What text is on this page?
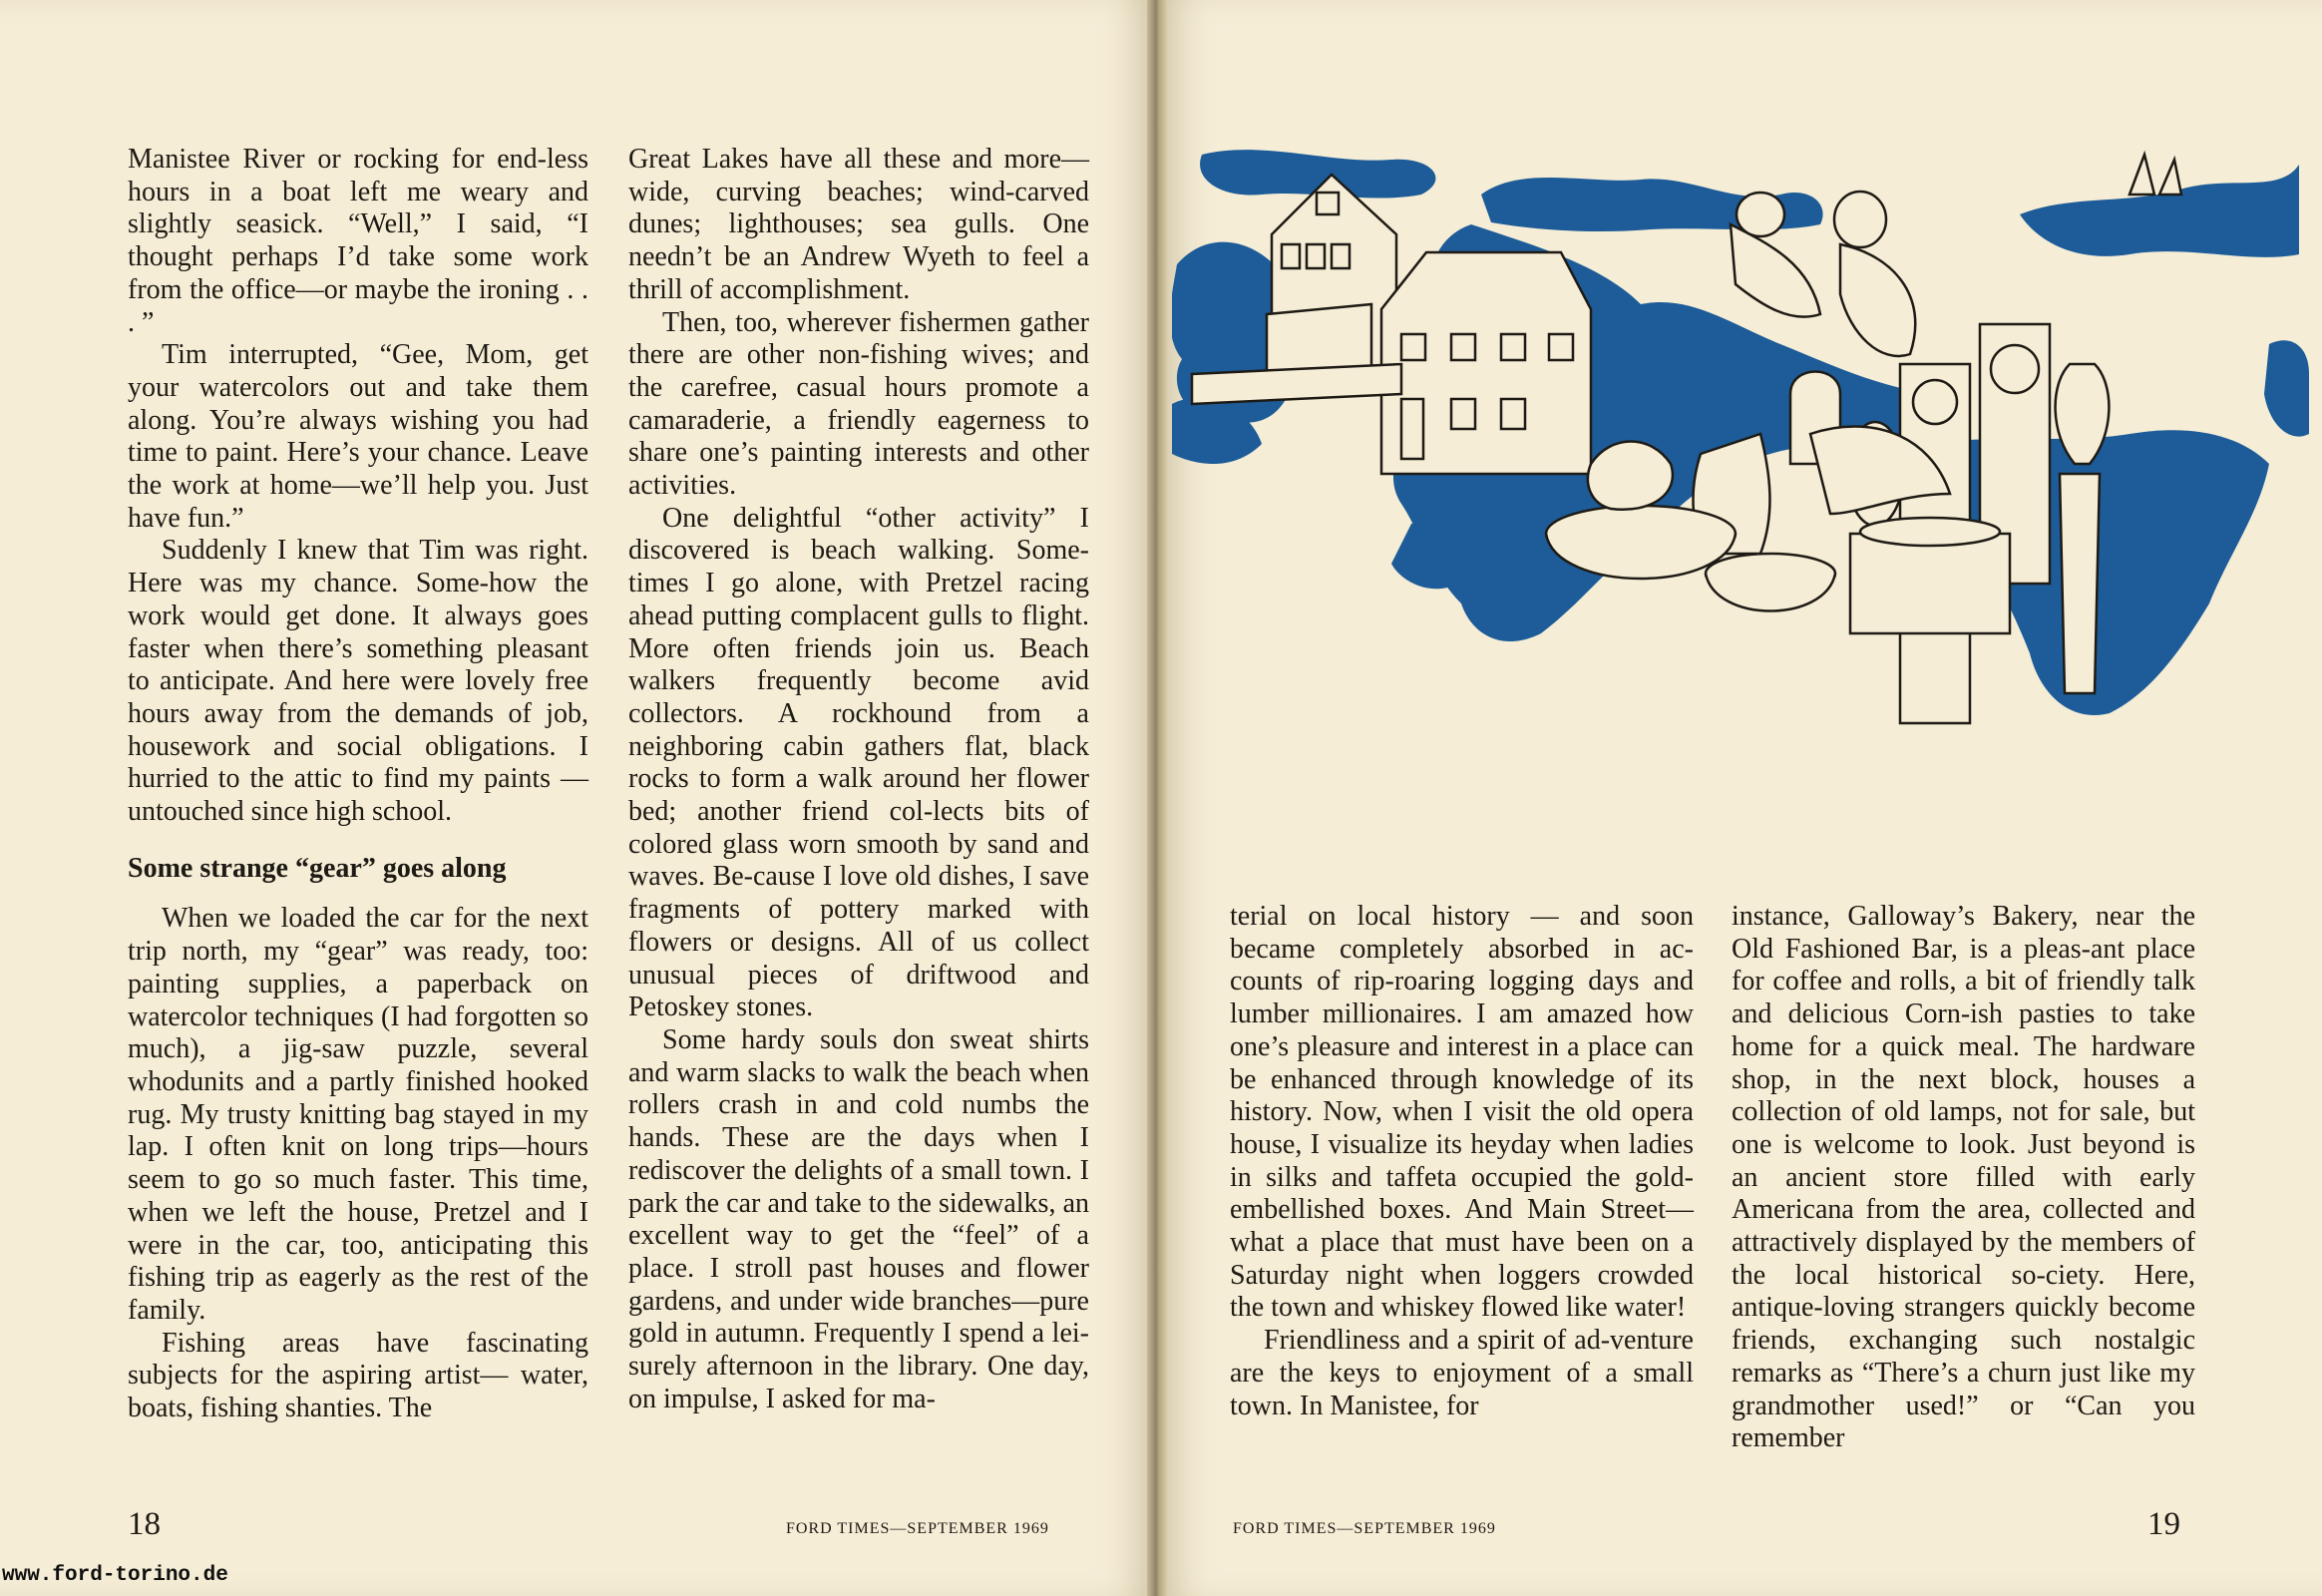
Manistee River or rocking for end-less hours in a boat left me weary and slightly seasick. “Well,” I said, “I thought perhaps I’d take some work from the office—or maybe the ironing . . . ”

Tim interrupted, “Gee, Mom, get your watercolors out and take them along. You’re always wishing you had time to paint. Here’s your chance. Leave the work at home—we’ll help you. Just have fun.”

Suddenly I knew that Tim was right. Here was my chance. Some-how the work would get done. It always goes faster when there’s something pleasant to anticipate. And here were lovely free hours away from the demands of job, housework and social obligations. I hurried to the attic to find my paints —untouched since high school.

Some strange “gear” goes along

When we loaded the car for the next trip north, my “gear” was ready, too: painting supplies, a paperback on watercolor techniques (I had forgotten so much), a jig-saw puzzle, several whodunits and a partly finished hooked rug. My trusty knitting bag stayed in my lap. I often knit on long trips—hours seem to go so much faster. This time, when we left the house, Pretzel and I were in the car, too, anticipating this fishing trip as eagerly as the rest of the family.

Fishing areas have fascinating subjects for the aspiring artist— water, boats, fishing shanties. The

Great Lakes have all these and more—wide, curving beaches; wind-carved dunes; lighthouses; sea gulls. One needn’t be an Andrew Wyeth to feel a thrill of accomplishment.

Then, too, wherever fishermen gather there are other non-fishing wives; and the carefree, casual hours promote a camaraderie, a friendly eagerness to share one’s painting interests and other activities.

One delightful “other activity” I discovered is beach walking. Some-times I go alone, with Pretzel racing ahead putting complacent gulls to flight. More often friends join us. Beach walkers frequently become avid collectors. A rockhound from a neighboring cabin gathers flat, black rocks to form a walk around her flower bed; another friend col-lects bits of colored glass worn smooth by sand and waves. Be-cause I love old dishes, I save fragments of pottery marked with flowers or designs. All of us collect unusual pieces of driftwood and Petoskey stones.

Some hardy souls don sweat shirts and warm slacks to walk the beach when rollers crash in and cold numbs the hands. These are the days when I rediscover the delights of a small town. I park the car and take to the sidewalks, an excellent way to get the “feel” of a place. I stroll past houses and flower gardens, and under wide branches—pure gold in autumn. Frequently I spend a lei-surely afternoon in the library. One day, on impulse, I asked for ma-

18	FORD TIMES—SEPTEMBER 1969
www.ford-torino.de

terial on local history — and soon became completely absorbed in ac-counts of rip-roaring logging days and lumber millionaires. I am amazed how one’s pleasure and interest in a place can be enhanced through knowledge of its history. Now, when I visit the old opera house, I visualize its heyday when ladies in silks and taffeta occupied the gold-embellished boxes. And Main Street—what a place that must have been on a Saturday night when loggers crowded the town and whiskey flowed like water!

Friendliness and a spirit of ad-venture are the keys to enjoyment of a small town. In Manistee, for

instance, Galloway’s Bakery, near the Old Fashioned Bar, is a pleas-ant place for coffee and rolls, a bit of friendly talk and delicious Corn-ish pasties to take home for a quick meal. The hardware shop, in the next block, houses a collection of old lamps, not for sale, but one is welcome to look. Just beyond is an ancient store filled with early Americana from the area, collected and attractively displayed by the members of the local historical so-ciety. Here, antique-loving strangers quickly become friends, exchanging such nostalgic remarks as “There’s a churn just like my grandmother used!” or “Can you remember

FORD TIMES—SEPTEMBER 1969	19
